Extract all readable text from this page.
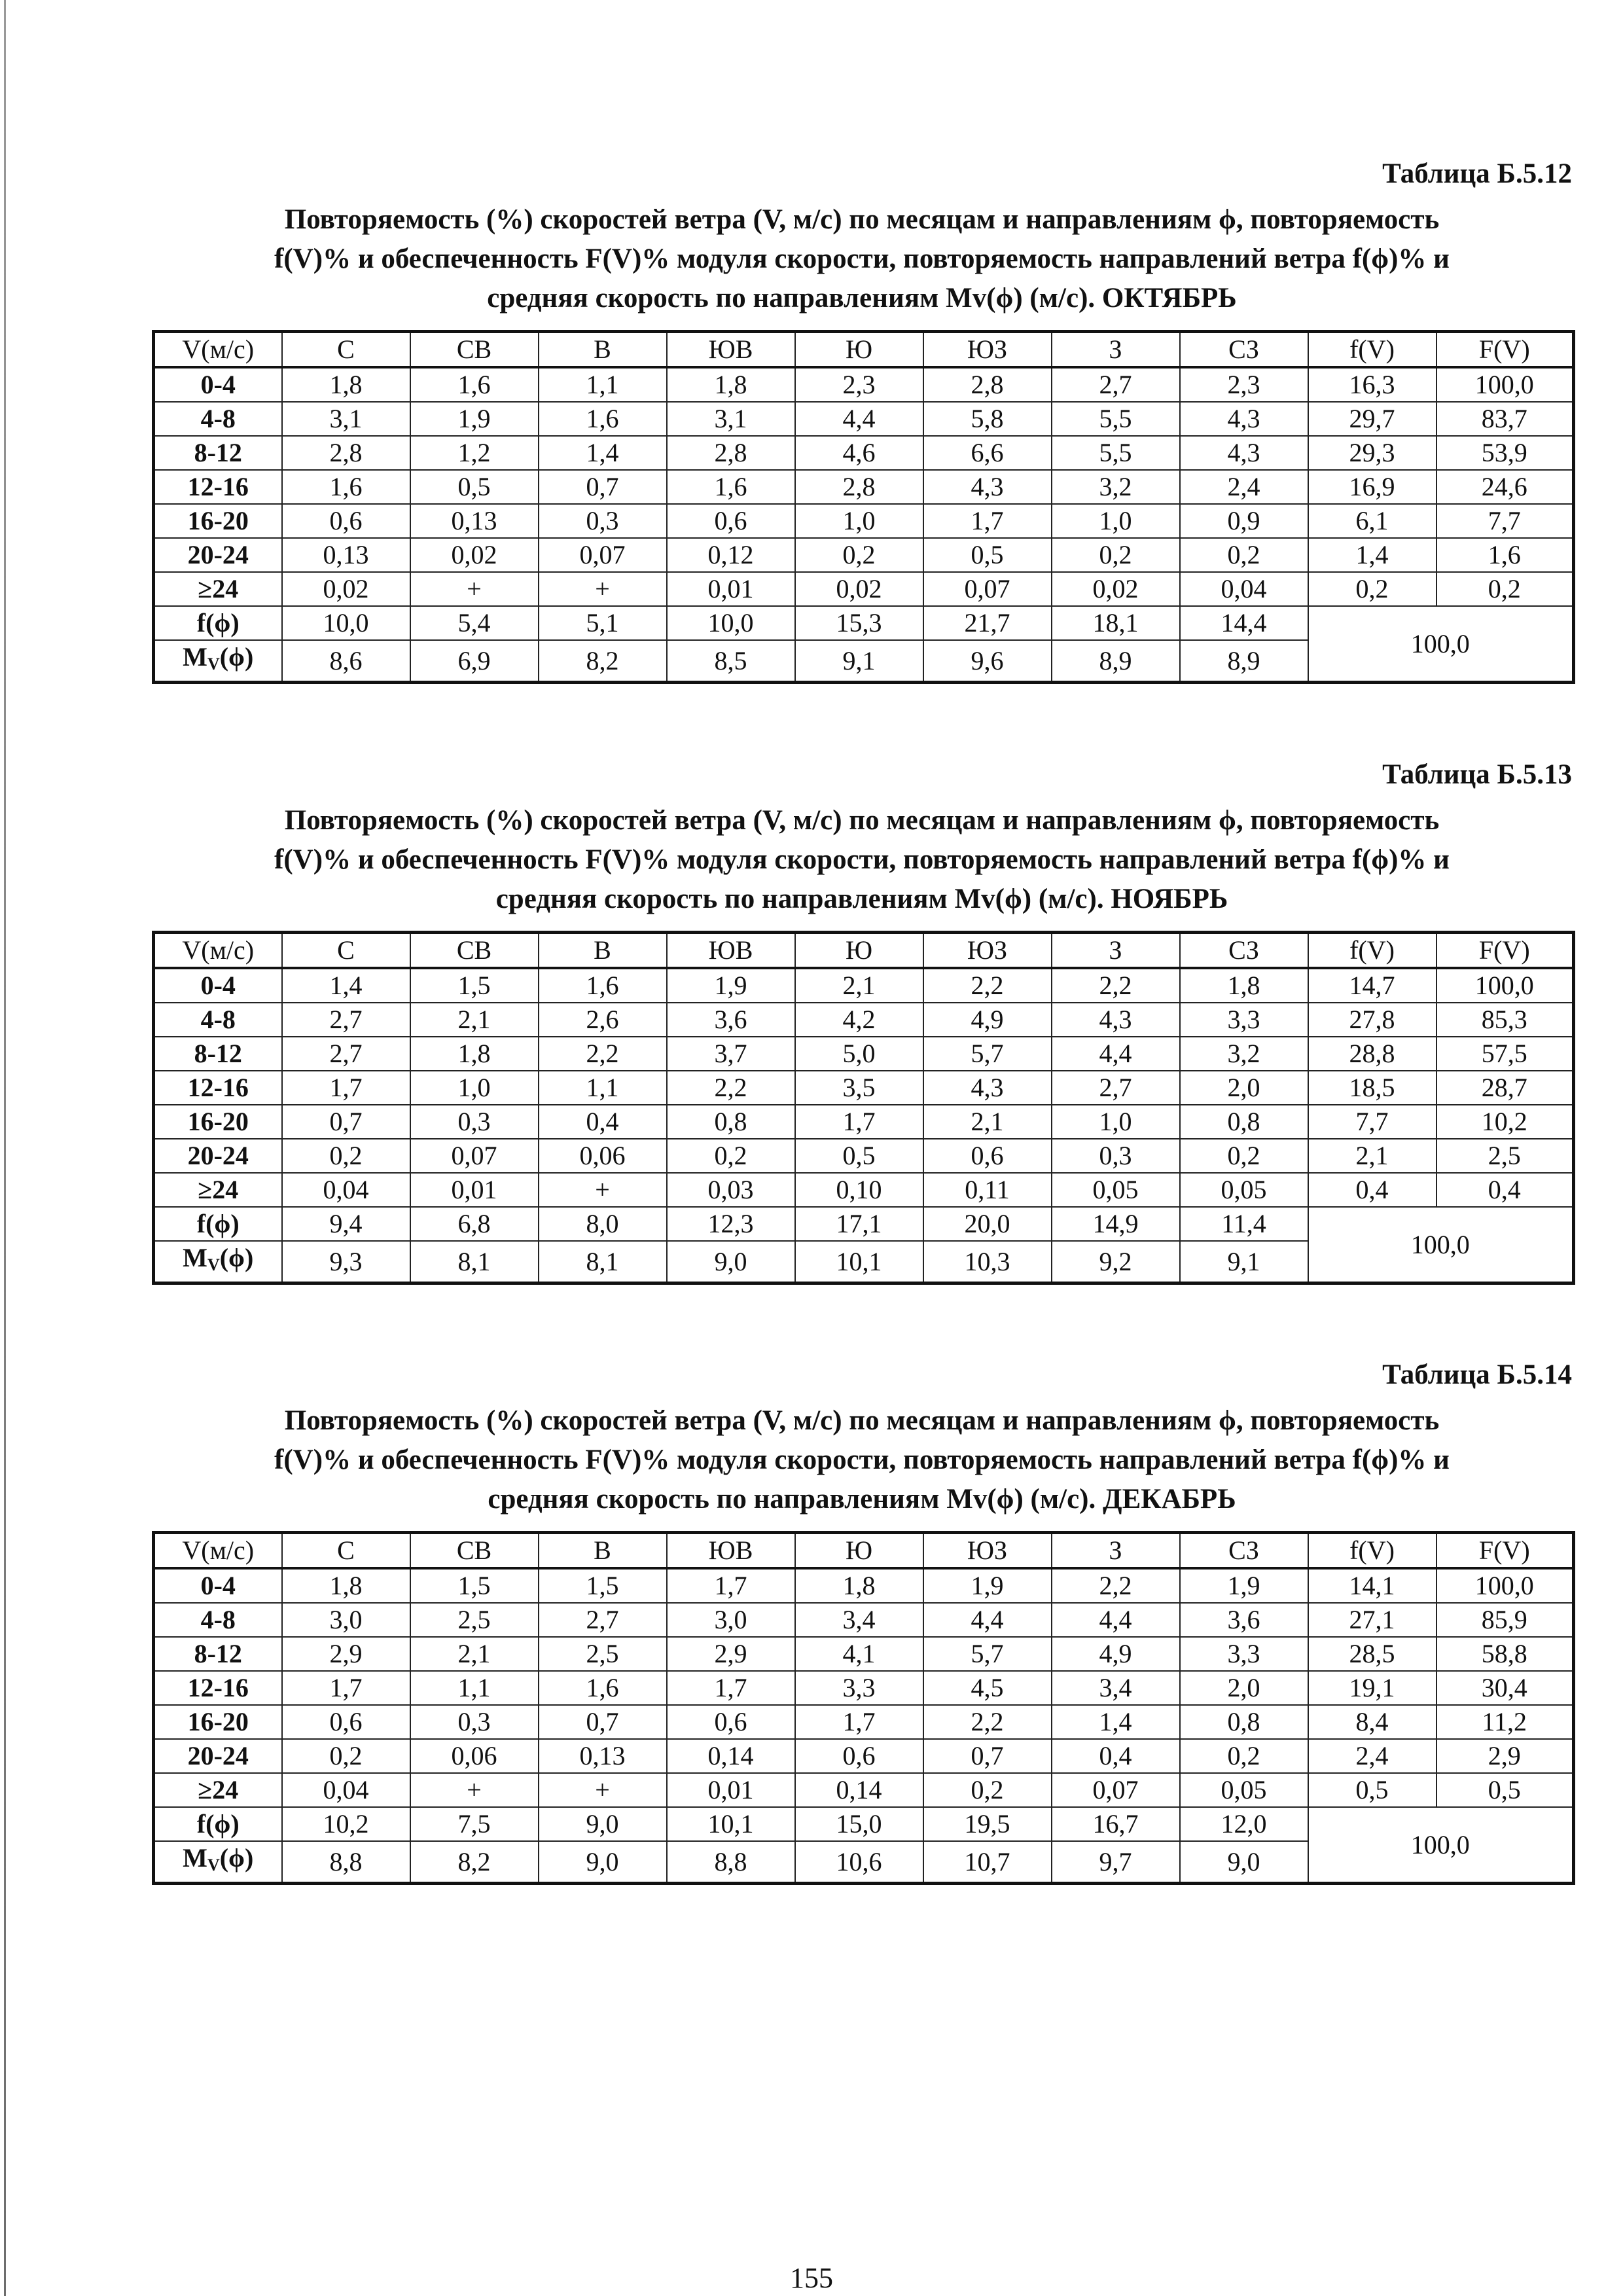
Таблица Б.5.12
Повторяемость (%) скоростей ветра (V, м/с) по месяцам и направлениям ϕ, повторяемость
f(V)% и обеспеченность F(V)% модуля скорости, повторяемость направлений ветра f(ϕ)% и
средняя скорость по направлениям Mv(ϕ) (м/с). ОКТЯБРЬ
V(м/с)	С	СВ	В	ЮВ	Ю	ЮЗ	З	СЗ	f(V)	F(V)
0-4	1,8	1,6	1,1	1,8	2,3	2,8	2,7	2,3	16,3	100,0
4-8	3,1	1,9	1,6	3,1	4,4	5,8	5,5	4,3	29,7	83,7
8-12	2,8	1,2	1,4	2,8	4,6	6,6	5,5	4,3	29,3	53,9
12-16	1,6	0,5	0,7	1,6	2,8	4,3	3,2	2,4	16,9	24,6
16-20	0,6	0,13	0,3	0,6	1,0	1,7	1,0	0,9	6,1	7,7
20-24	0,13	0,02	0,07	0,12	0,2	0,5	0,2	0,2	1,4	1,6
≥24	0,02	+	+	0,01	0,02	0,07	0,02	0,04	0,2	0,2
f(ϕ)	10,0	5,4	5,1	10,0	15,3	21,7	18,1	14,4	100,0	
$M_V(\phi)$	8,6	6,9	8,2	8,5	9,1	9,6	8,9	8,9		
Таблица Б.5.13
Повторяемость (%) скоростей ветра (V, м/с) по месяцам и направлениям ϕ, повторяемость
f(V)% и обеспеченность F(V)% модуля скорости, повторяемость направлений ветра f(ϕ)% и
средняя скорость по направлениям Mv(ϕ) (м/с). НОЯБРЬ
V(м/с)	С	СВ	В	ЮВ	Ю	ЮЗ	З	СЗ	f(V)	F(V)
0-4	1,4	1,5	1,6	1,9	2,1	2,2	2,2	1,8	14,7	100,0
4-8	2,7	2,1	2,6	3,6	4,2	4,9	4,3	3,3	27,8	85,3
8-12	2,7	1,8	2,2	3,7	5,0	5,7	4,4	3,2	28,8	57,5
12-16	1,7	1,0	1,1	2,2	3,5	4,3	2,7	2,0	18,5	28,7
16-20	0,7	0,3	0,4	0,8	1,7	2,1	1,0	0,8	7,7	10,2
20-24	0,2	0,07	0,06	0,2	0,5	0,6	0,3	0,2	2,1	2,5
≥24	0,04	0,01	+	0,03	0,10	0,11	0,05	0,05	0,4	0,4
f(ϕ)	9,4	6,8	8,0	12,3	17,1	20,0	14,9	11,4	100,0	
$M_V(\phi)$	9,3	8,1	8,1	9,0	10,1	10,3	9,2	9,1		
Таблица Б.5.14
Повторяемость (%) скоростей ветра (V, м/с) по месяцам и направлениям ϕ, повторяемость
f(V)% и обеспеченность F(V)% модуля скорости, повторяемость направлений ветра f(ϕ)% и
средняя скорость по направлениям Mv(ϕ) (м/с). ДЕКАБРЬ
V(м/с)	С	СВ	В	ЮВ	Ю	ЮЗ	З	СЗ	f(V)	F(V)
0-4	1,8	1,5	1,5	1,7	1,8	1,9	2,2	1,9	14,1	100,0
4-8	3,0	2,5	2,7	3,0	3,4	4,4	4,4	3,6	27,1	85,9
8-12	2,9	2,1	2,5	2,9	4,1	5,7	4,9	3,3	28,5	58,8
12-16	1,7	1,1	1,6	1,7	3,3	4,5	3,4	2,0	19,1	30,4
16-20	0,6	0,3	0,7	0,6	1,7	2,2	1,4	0,8	8,4	11,2
20-24	0,2	0,06	0,13	0,14	0,6	0,7	0,4	0,2	2,4	2,9
≥24	0,04	+	+	0,01	0,14	0,2	0,07	0,05	0,5	0,5
f(ϕ)	10,2	7,5	9,0	10,1	15,0	19,5	16,7	12,0	100,0	
$M_V(\phi)$	8,8	8,2	9,0	8,8	10,6	10,7	9,7	9,0		
155
